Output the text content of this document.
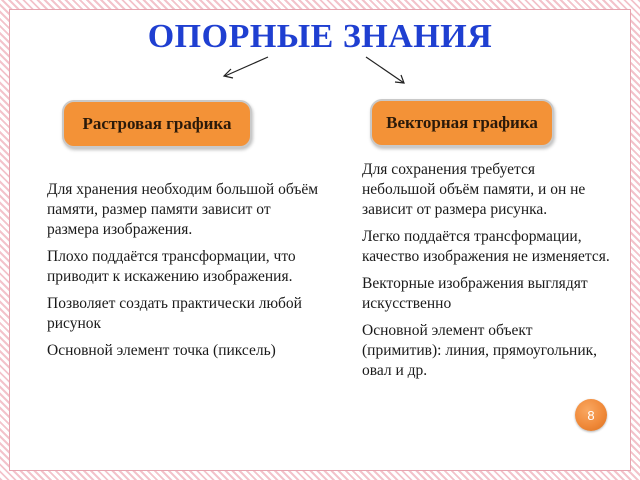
ОПОРНЫЕ ЗНАНИЯ
Растровая графика	Векторная графика

Для хранения необходим большой объём памяти, размер памяти зависит от размера изображения.

Плохо поддаётся трансформации, что приводит к искажению изображения.

Позволяет создать практически любой рисунок

Основной элемент точка (пиксель)

Для сохранения требуется небольшой объём памяти, и он не зависит от размера рисунка.

Легко поддаётся трансформации, качество изображения не изменяется.

Векторные изображения выглядят искусственно

Основной элемент объект (примитив): линия, прямоугольник, овал и др.

8
